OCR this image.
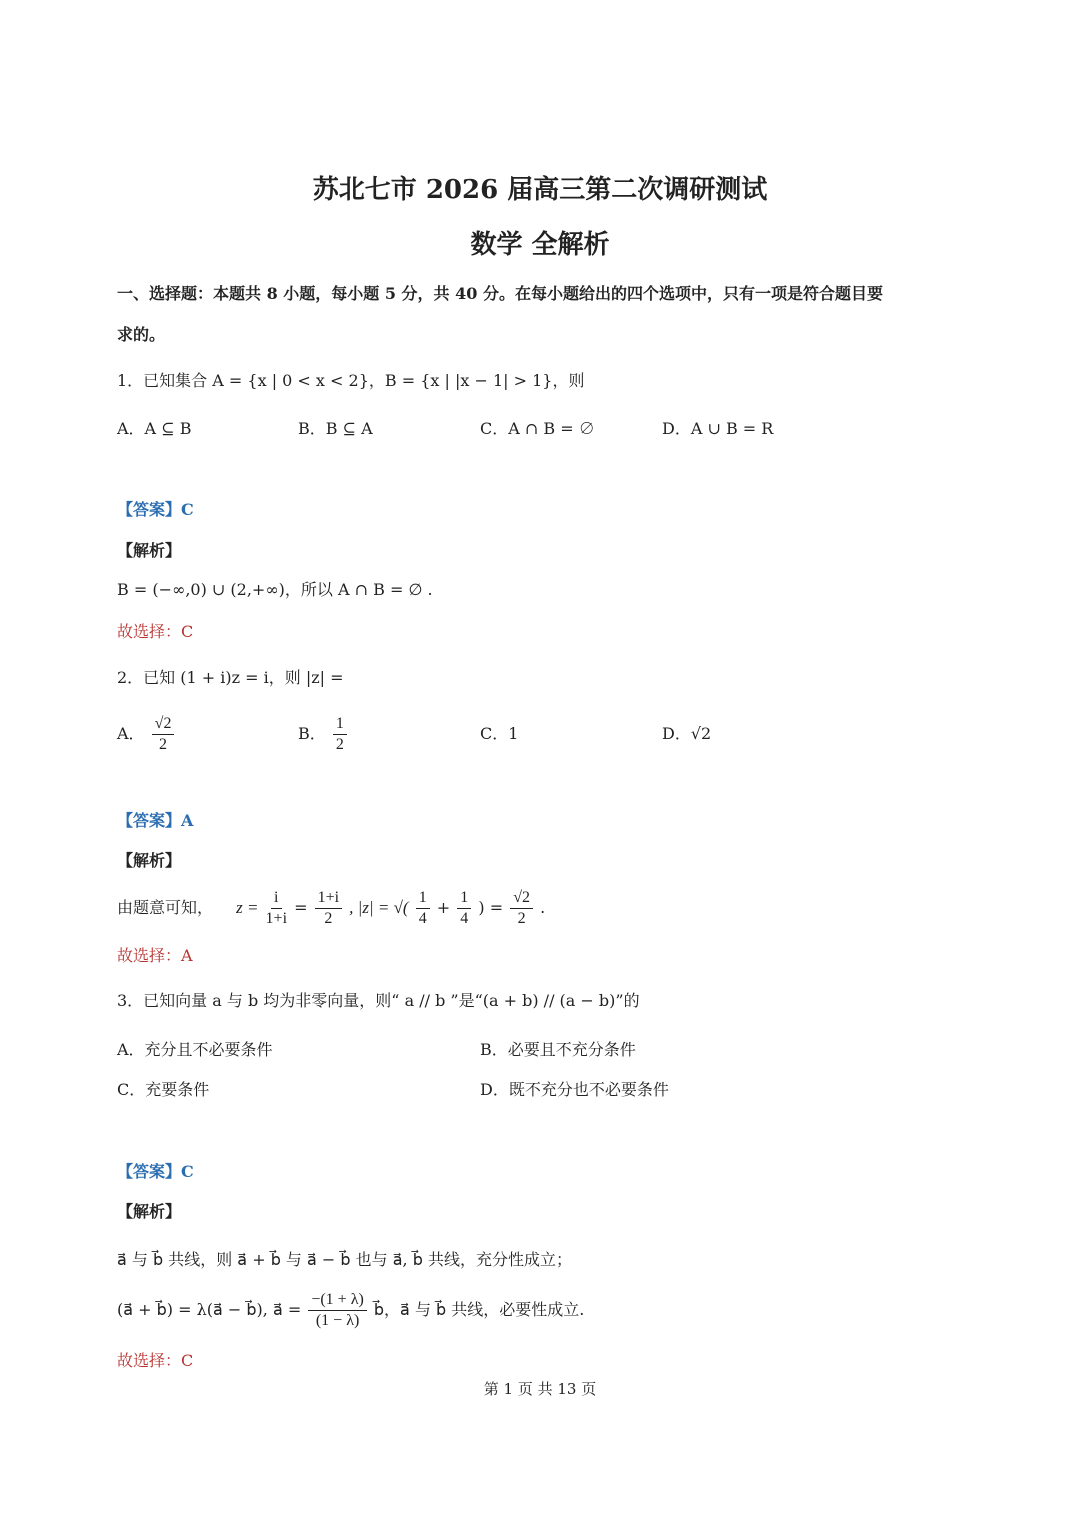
苏北七市 2026 届高三第二次调研测试
数学 全解析
一、选择题：本题共 8 小题，每小题 5 分，共 40 分。在每小题给出的四个选项中，只有一项是符合题目要
求的。
1．已知集合 A = {x | 0 < x < 2}，B = {x | |x − 1| > 1}，则
A．A ⊆ B	B．B ⊆ A	C．A ∩ B = ∅	D．A ∪ B = R
【答案】C
【解析】
B = (−∞,0) ∪ (2,+∞)，所以 A ∩ B = ∅ .
故选择：C
2．已知 (1 + i)z = i，则 |z| =
A． $\frac{√2}{2}$	B． $\frac{1}{2}$	C．1	D．√2
【答案】A
【解析】
由题意可知， $z = \frac{i}{1+i} = \frac{1+i}{2}$ , |z| = √( $\frac{1}{4} + \frac{1}{4}$ ) = $\frac{√2}{2}$ .
故选择：A
3．已知向量 a 与 b 均为非零向量，则“ a // b ”是“(a + b) // (a − b)”的
A．充分且不必要条件	B．必要且不充分条件
C．充要条件	D．既不充分也不必要条件
【答案】C
【解析】
a⃗ 与 b⃗ 共线，则 a⃗ + b⃗ 与 a⃗ − b⃗ 也与 a⃗, b⃗ 共线，充分性成立；
(a⃗ + b⃗) = λ(a⃗ − b⃗), a⃗ = $\frac{-(1 + \lambda)}{(1 - \lambda)}$ b⃗，a⃗ 与 b⃗ 共线，必要性成立.
故选择：C
第 1 页 共 13 页
